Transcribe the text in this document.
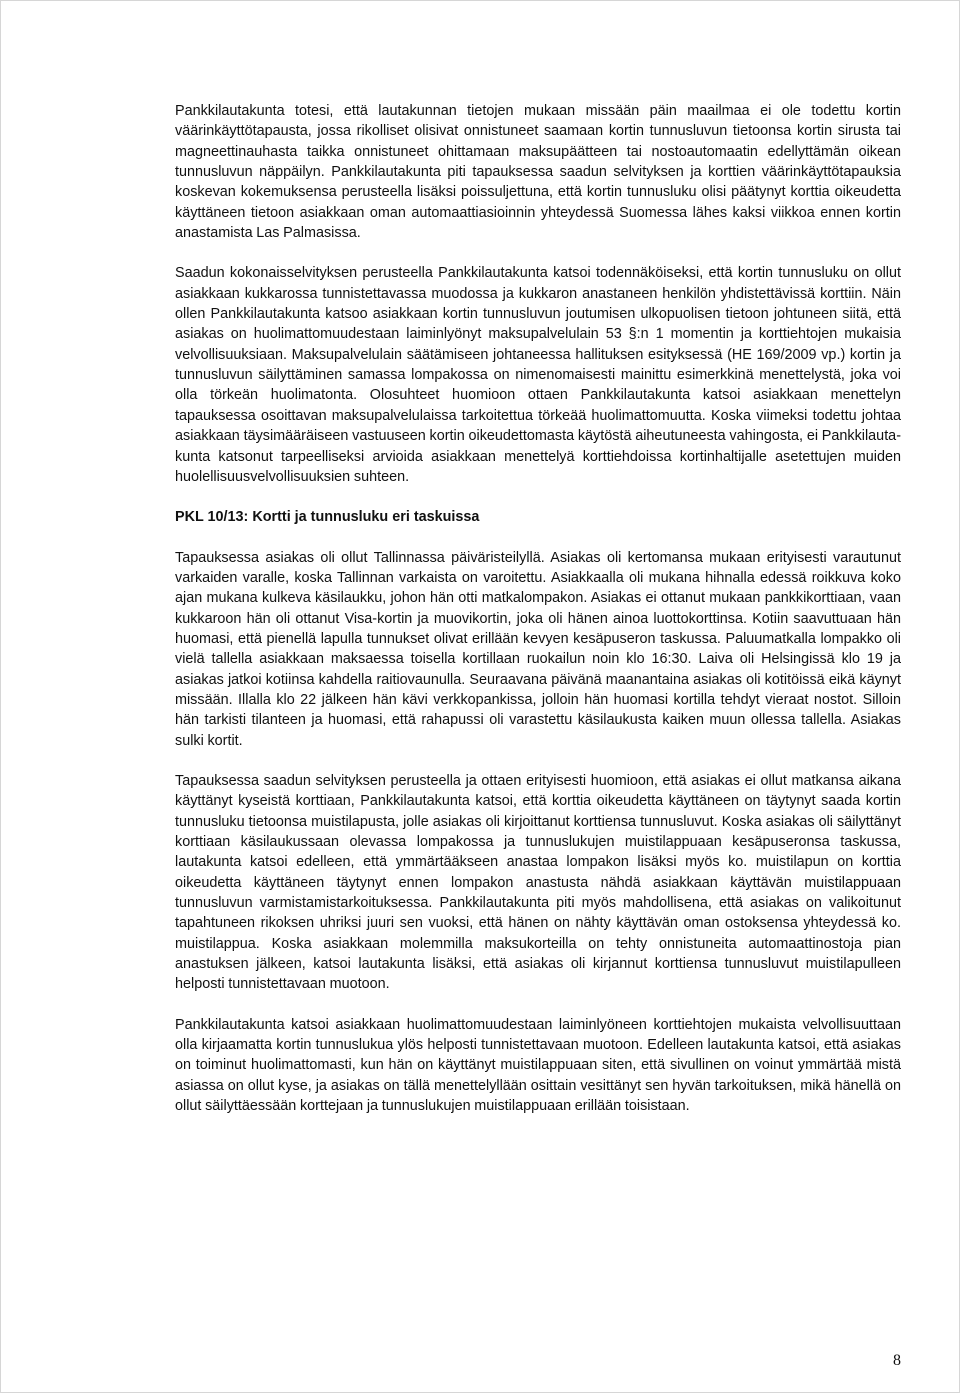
Pankkilautakunta totesi, että lautakunnan tietojen mukaan missään päin maailmaa ei ole todettu kortin väärinkäyttötapausta, jossa rikolliset olisivat onnistuneet saamaan kortin tunnusluvun tietoonsa kortin sirusta tai magneettinauhasta taikka onnistuneet ohittamaan maksupäätteen tai nostoautomaatin edellyttämän oikean tunnusluvun näppäilyn. Pankkilautakunta piti tapauksessa saadun selvityksen ja korttien väärinkäyttötapauksia koskevan kokemuksensa perusteella lisäksi poissuljettuna, että kortin tunnusluku olisi päätynyt korttia oikeudetta käyttäneen tietoon asiakkaan oman automaattiasioinnin yhteydessä Suomessa lähes kaksi viikkoa ennen kortin anastamista Las Palmasissa.

Saadun kokonaisselvityksen perusteella Pankkilautakunta katsoi todennäköiseksi, että kortin tunnusluku on ollut asiakkaan kukkarossa tunnistettavassa muodossa ja kukkaron anastaneen henkilön yhdistettävissä korttiin. Näin ollen Pankkilautakunta katsoo asiakkaan kortin tunnusluvun joutumisen ulkopuolisen tietoon johtuneen siitä, että asiakas on huolimattomuudestaan laiminlyönyt maksupalvelulain 53 §:n 1 momentin ja korttiehtojen mukaisia velvollisuuksiaan. Maksupalvelulain säätämiseen johtaneessa hallituksen esityksessä (HE 169/2009 vp.) kortin ja tunnusluvun säilyttäminen samassa lompakossa on nimenomaisesti mainittu esimerkkinä menettelystä, joka voi olla törkeän huolimatonta. Olosuhteet huomioon ottaen Pankkilautakunta katsoi asiakkaan menettelyn tapauksessa osoittavan maksupalvelulaissa tarkoitettua törkeää huolimattomuutta. Koska viimeksi todettu johtaa asiakkaan täysimääräiseen vastuuseen kortin oikeudettomasta käytöstä aiheutuneesta vahingosta, ei Pankkilautakunta katsonut tarpeelliseksi arvioida asiakkaan menettelyä korttiehdoissa kortinhaltijalle asetettujen muiden huolellisuusvelvollisuuksien suhteen.

PKL 10/13: Kortti ja tunnusluku eri taskuissa

Tapauksessa asiakas oli ollut Tallinnassa päiväristeilyllä. Asiakas oli kertomansa mukaan erityisesti varautunut varkaiden varalle, koska Tallinnan varkaista on varoitettu. Asiakkaalla oli mukana hihnalla edessä roikkuva koko ajan mukana kulkeva käsilaukku, johon hän otti matkalompakon. Asiakas ei ottanut mukaan pankkikorttiaan, vaan kukkaroon hän oli ottanut Visa-kortin ja muovikortin, joka oli hänen ainoa luottokorttinsa. Kotiin saavuttuaan hän huomasi, että pienellä lapulla tunnukset olivat erillään kevyen kesäpuseron taskussa. Paluumatkalla lompakko oli vielä tallella asiakkaan maksaessa toisella kortillaan ruokailun noin klo 16:30. Laiva oli Helsingissä klo 19 ja asiakas jatkoi kotiinsa kahdella raitiovaunulla. Seuraavana päivänä maanantaina asiakas oli kotitöissä eikä käynyt missään. Illalla klo 22 jälkeen hän kävi verkkopankissa, jolloin hän huomasi kortilla tehdyt vieraat nostot. Silloin hän tarkisti tilanteen ja huomasi, että rahapussi oli varastettu käsilaukusta kaiken muun ollessa tallella. Asiakas sulki kortit.

Tapauksessa saadun selvityksen perusteella ja ottaen erityisesti huomioon, että asiakas ei ollut matkansa aikana käyttänyt kyseistä korttiaan, Pankkilautakunta katsoi, että korttia oikeudetta käyttäneen on täytynyt saada kortin tunnusluku tietoonsa muistilapusta, jolle asiakas oli kirjoittanut korttiensa tunnusluvut. Koska asiakas oli säilyttänyt korttiaan käsilaukussaan olevassa lompakossa ja tunnuslukujen muistilappuaan kesäpuseronsa taskussa, lautakunta katsoi edelleen, että ymmärtääkseen anastaa lompakon lisäksi myös ko. muistilapun on korttia oikeudetta käyttäneen täytynyt ennen lompakon anastusta nähdä asiakkaan käyttävän muistilappuaan tunnusluvun varmistamistarkoituksessa. Pankkilautakunta piti myös mahdollisena, että asiakas on valikoitunut tapahtuneen rikoksen uhriksi juuri sen vuoksi, että hänen on nähty käyttävän oman ostoksensa yhteydessä ko. muistilappua. Koska asiakkaan molemmilla maksukorteilla on tehty onnistuneita automaattinostoja pian anastuksen jälkeen, katsoi lautakunta lisäksi, että asiakas oli kirjannut korttiensa tunnusluvut muistilapulleen helposti tunnistettavaan muotoon.

Pankkilautakunta katsoi asiakkaan huolimattomuudestaan laiminlyöneen korttiehtojen mukaista velvollisuuttaan olla kirjaamatta kortin tunnuslukua ylös helposti tunnistettavaan muotoon. Edelleen lautakunta katsoi, että asiakas on toiminut huolimattomasti, kun hän on käyttänyt muistilappuaan siten, että sivullinen on voinut ymmärtää mistä asiassa on ollut kyse, ja asiakas on tällä menettelyllään osittain vesittänyt sen hyvän tarkoituksen, mikä hänellä on ollut säilyttäessään korttejaan ja tunnuslukujen muistilappuaan erillään toisistaan.

8
